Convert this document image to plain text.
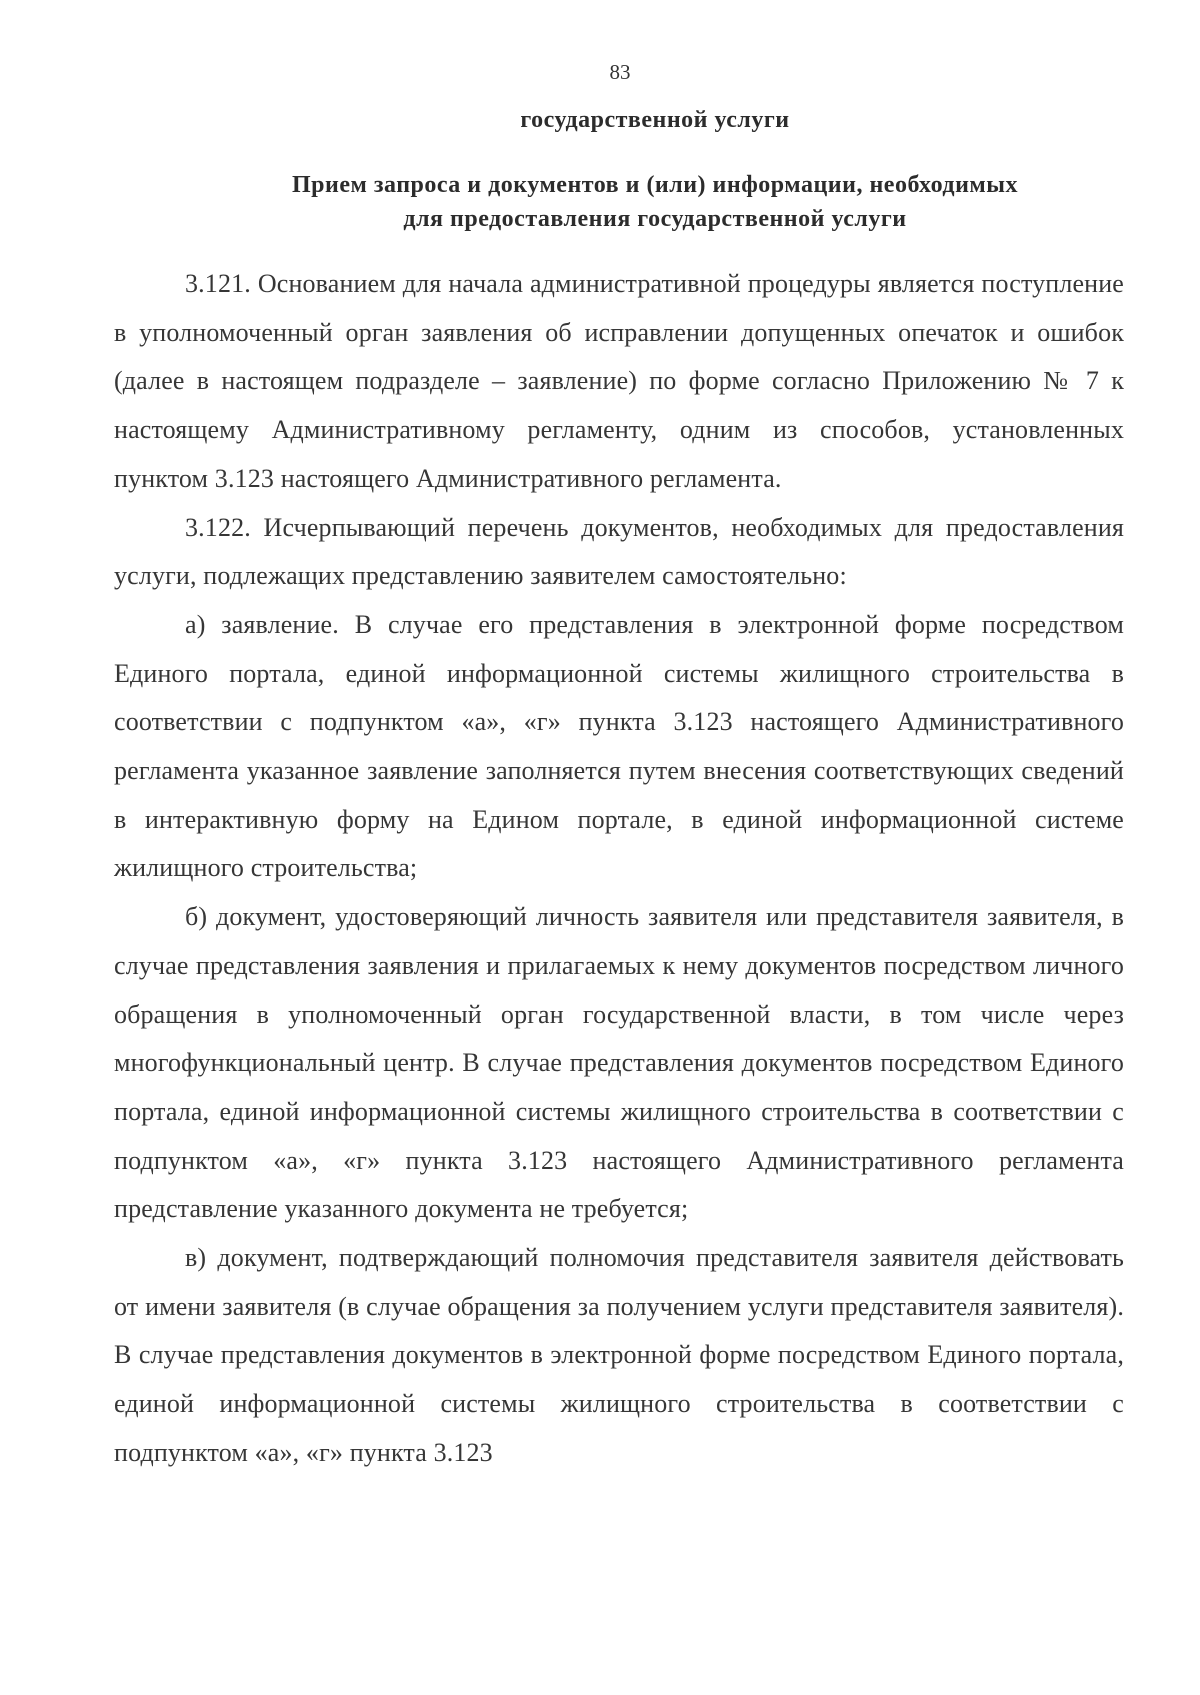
83
государственной услуги
Прием запроса и документов и (или) информации, необходимых
для предоставления государственной услуги

3.121. Основанием для начала административной процедуры является поступление в уполномоченный орган заявления об исправлении допущенных опечаток и ошибок (далее в настоящем подразделе – заявление) по форме согласно Приложению № 7 к настоящему Административному регламенту, одним из способов, установленных пунктом 3.123 настоящего Административного регламента.

3.122. Исчерпывающий перечень документов, необходимых для предоставления услуги, подлежащих представлению заявителем самостоятельно:

а) заявление. В случае его представления в электронной форме посредством Единого портала, единой информационной системы жилищного строительства в соответствии с подпунктом «а», «г» пункта 3.123 настоящего Административного регламента указанное заявление заполняется путем внесения соответствующих сведений в интерактивную форму на Едином портале, в единой информационной системе жилищного строительства;

б) документ, удостоверяющий личность заявителя или представителя заявителя, в случае представления заявления и прилагаемых к нему документов посредством личного обращения в уполномоченный орган государственной власти, в том числе через многофункциональный центр. В случае представления документов посредством Единого портала, единой информационной системы жилищного строительства в соответствии с подпунктом «а», «г» пункта 3.123 настоящего Административного регламента представление указанного документа не требуется;

в) документ, подтверждающий полномочия представителя заявителя действовать от имени заявителя (в случае обращения за получением услуги представителя заявителя). В случае представления документов в электронной форме посредством Единого портала, единой информационной системы жилищного строительства в соответствии с подпунктом «а», «г» пункта 3.123
